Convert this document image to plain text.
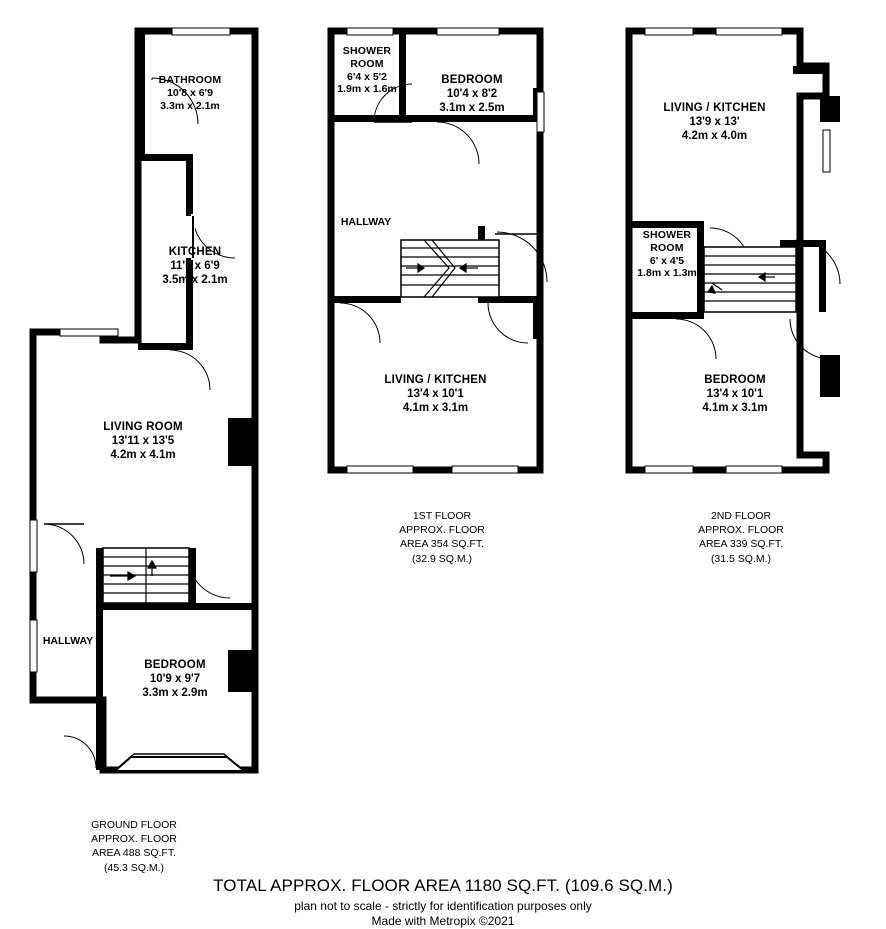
BATHROOM
10'8 x 6'9
3.3m x 2.1m
KITCHEN
11'5 x 6'9
3.5m x 2.1m
LIVING ROOM
13'11 x 13'5
4.2m x 4.1m
BEDROOM
10'9 x 9'7
3.3m x 2.9m
HALLWAY
GROUND FLOOR
APPROX. FLOOR
AREA 488 SQ.FT.
(45.3 SQ.M.)
SHOWER
ROOM
6'4 x 5'2
1.9m x 1.6m
BEDROOM
10'4 x 8'2
3.1m x 2.5m
HALLWAY
LIVING / KITCHEN
13'4 x 10'1
4.1m x 3.1m
1ST FLOOR
APPROX. FLOOR
AREA 354 SQ.FT.
(32.9 SQ.M.)
LIVING / KITCHEN
13'9 x 13'
4.2m x 4.0m
SHOWER
ROOM
6' x 4'5
1.8m x 1.3m
BEDROOM
13'4 x 10'1
4.1m x 3.1m
2ND FLOOR
APPROX. FLOOR
AREA 339 SQ.FT.
(31.5 SQ.M.)
TOTAL APPROX. FLOOR AREA 1180 SQ.FT. (109.6 SQ.M.)
plan not to scale - strictly for identification purposes only
Made with Metropix ©2021
